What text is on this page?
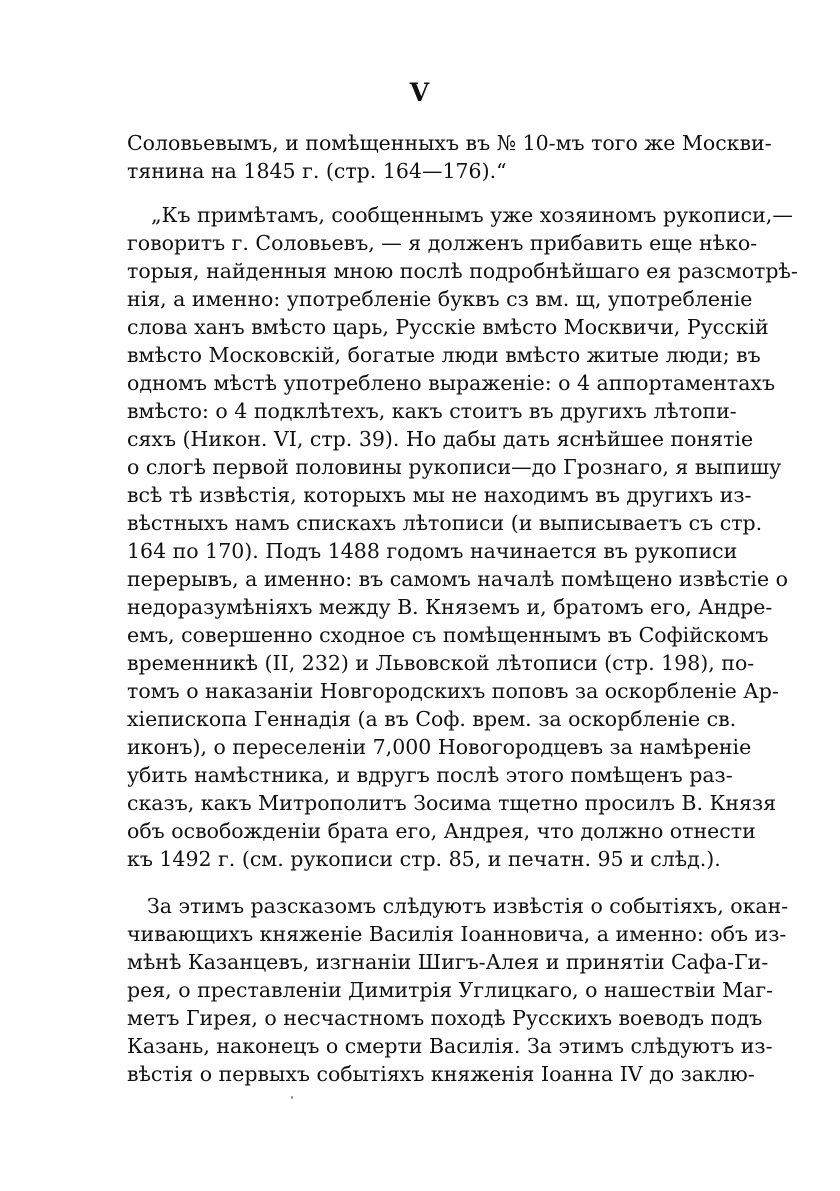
V
Соловьевымъ, и помѣщенныхъ въ № 10-мъ того же Москви-
тянина на 1845 г. (стр. 164—176).“
„Къ примѣтамъ, сообщеннымъ уже хозяиномъ рукописи,—
говоритъ г. Соловьевъ, — я долженъ прибавить еще нѣко-
торыя, найденныя мною послѣ подробнѣйшаго ея разсмотрѣ-
нія, а именно: употребленіе буквъ сз вм. щ, употребленіе
слова ханъ вмѣсто царь, Русскіе вмѣсто Москвичи, Русскій
вмѣсто Московскій, богатые люди вмѣсто житые люди; въ
одномъ мѣстѣ употреблено выраженіе: о 4 аппортаментахъ
вмѣсто: о 4 подклѣтехъ, какъ стоитъ въ другихъ лѣтопи-
сяхъ (Никон. VI, стр. 39). Но дабы дать яснѣйшее понятіе
о слогѣ первой половины рукописи—до Грознаго, я выпишу
всѣ тѣ извѣстія, которыхъ мы не находимъ въ другихъ из-
вѣстныхъ намъ спискахъ лѣтописи (и выписываетъ съ стр.
164 по 170). Подъ 1488 годомъ начинается въ рукописи
перерывъ, а именно: въ самомъ началѣ помѣщено извѣстіе о
недоразумѣніяхъ между В. Княземъ и, братомъ его, Андре-
емъ, совершенно сходное съ помѣщеннымъ въ Софійскомъ
временникѣ (II, 232) и Львовской лѣтописи (стр. 198), по-
томъ о наказаніи Новгородскихъ поповъ за оскорбленіе Ар-
хіепископа Геннадія (а въ Соф. врем. за оскорбленіе св.
иконъ), о переселеніи 7,000 Новогородцевъ за намѣреніе
убить намѣстника, и вдругъ послѣ этого помѣщенъ раз-
сказъ, какъ Митрополитъ Зосима тщетно просилъ В. Князя
объ освобожденіи брата его, Андрея, что должно отнести
къ 1492 г. (см. рукописи стр. 85, и печатн. 95 и слѣд.).
За этимъ разсказомъ слѣдуютъ извѣстія о событіяхъ, окан-
чивающихъ княженіе Василія Іоанновича, а именно: объ из-
мѣнѣ Казанцевъ, изгнаніи Шигъ-Алея и принятіи Сафа-Ги-
рея, о преставленіи Димитрія Углицкаго, о нашествіи Маг-
метъ Гирея, о несчастномъ походѣ Русскихъ воеводъ подъ
Казань, наконецъ о смерти Василія. За этимъ слѣдуютъ из-
вѣстія о первыхъ событіяхъ княженія Іоанна IV до заклю-
